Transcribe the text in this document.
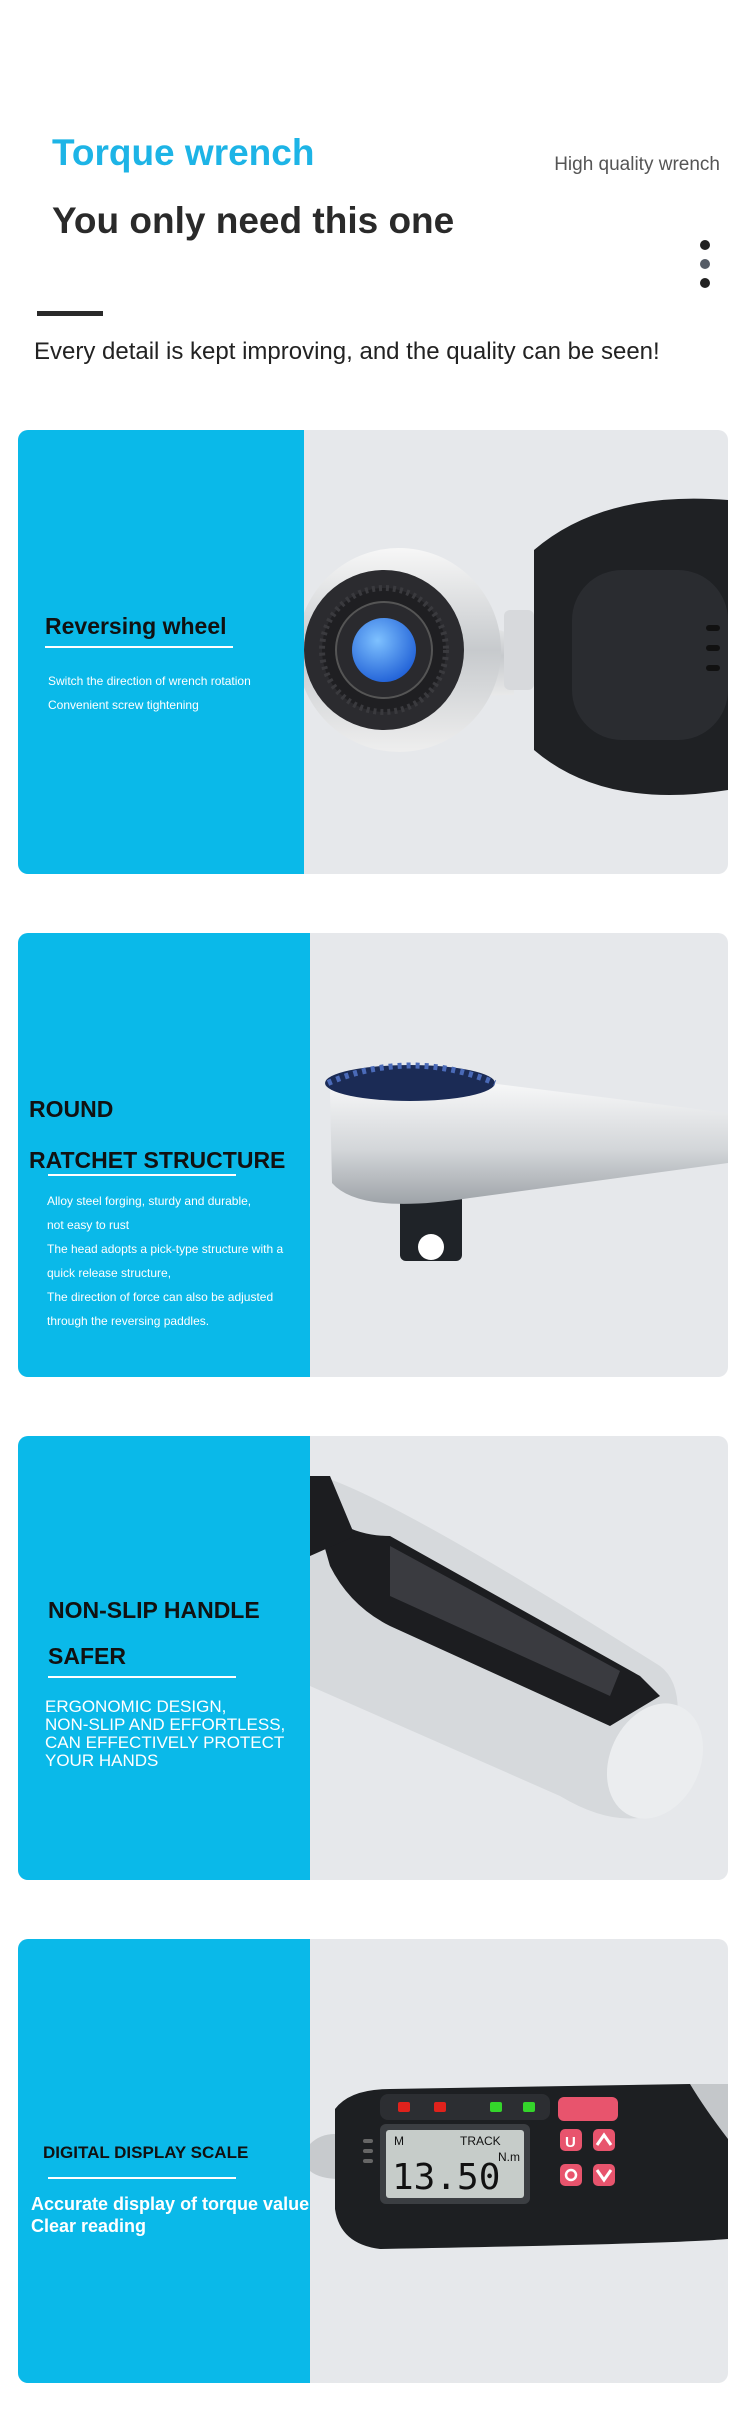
Torque wrench	High quality wrench
You only need this one
Every detail is kept improving, and the quality can be seen!
Reversing wheel
Switch the direction of wrench rotation
Convenient screw tightening
ROUND
RATCHET STRUCTURE
Alloy steel forging, sturdy and durable,
not easy to rust
The head adopts a pick-type structure with a
quick release structure,
The direction of force can also be adjusted
through the reversing paddles.
NON-SLIP HANDLE
SAFER
ERGONOMIC DESIGN,
NON-SLIP AND EFFORTLESS,
CAN EFFECTIVELY PROTECT
YOUR HANDS
DIGITAL DISPLAY SCALE
Accurate display of torque value
Clear reading
M	TRACK
N.m
13.50
U
